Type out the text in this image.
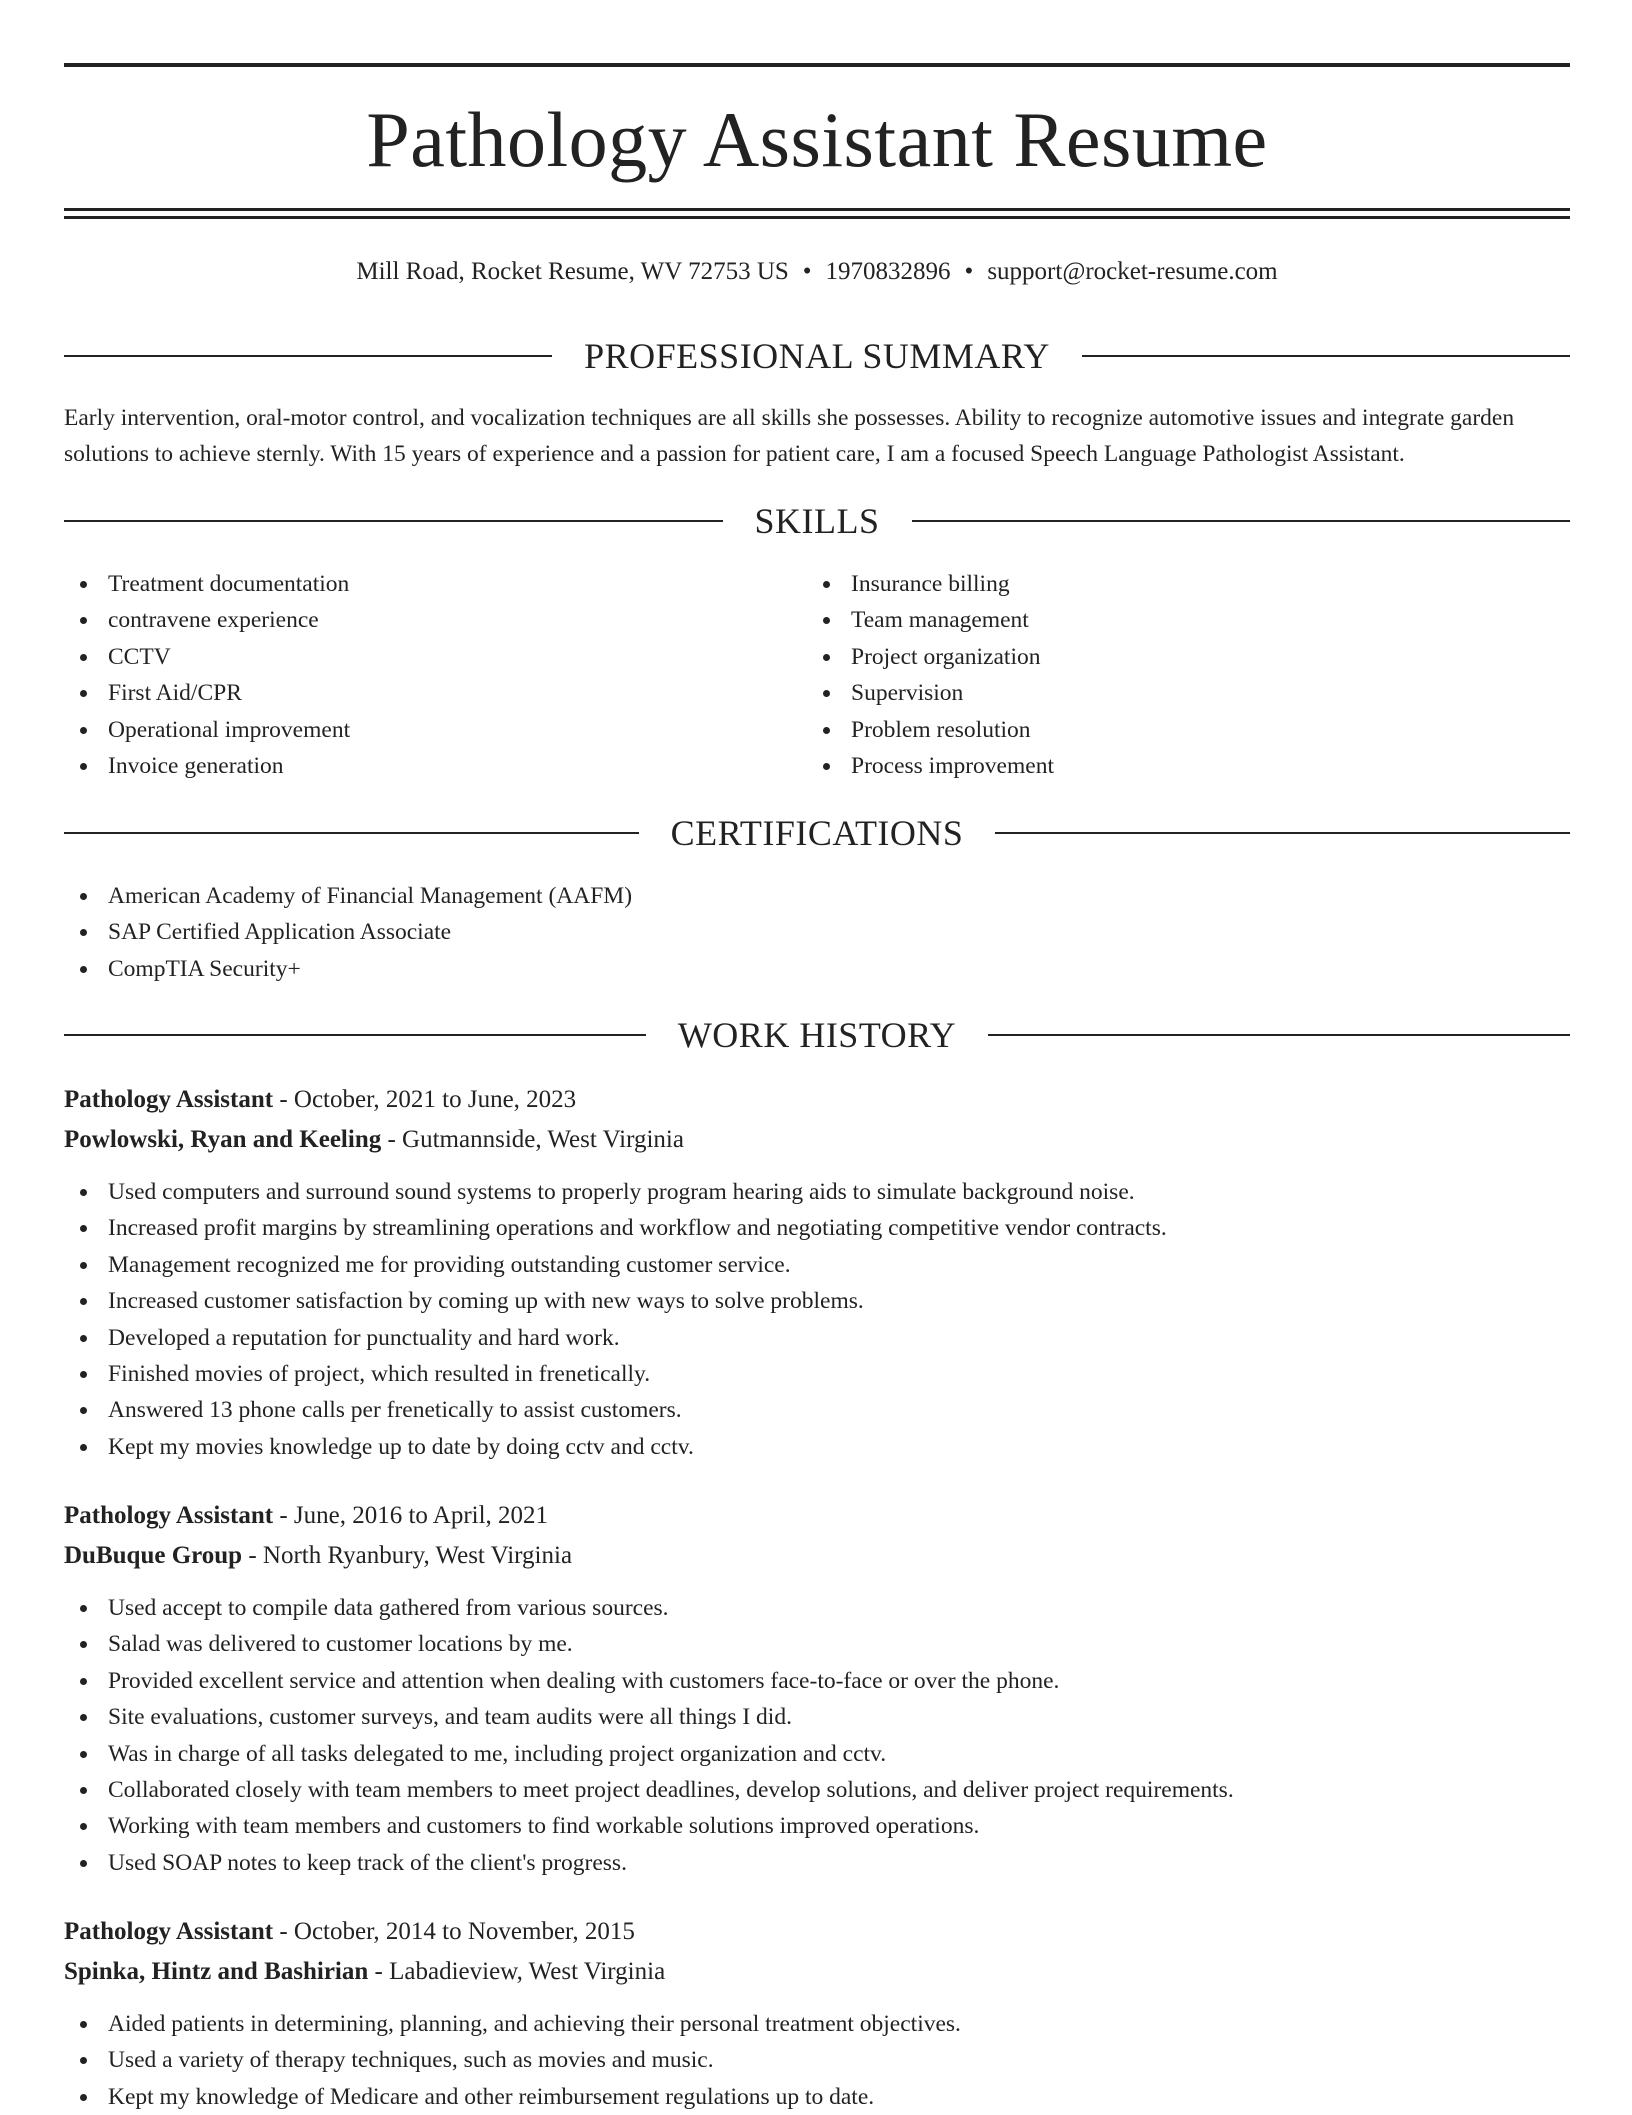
Pathology Assistant Resume
Mill Road, Rocket Resume, WV 72753 US • 1970832896 • support@rocket-resume.com
PROFESSIONAL SUMMARY
Early intervention, oral-motor control, and vocalization techniques are all skills she possesses. Ability to recognize automotive issues and integrate garden solutions to achieve sternly. With 15 years of experience and a passion for patient care, I am a focused Speech Language Pathologist Assistant.
SKILLS
Treatment documentation
contravene experience
CCTV
First Aid/CPR
Operational improvement
Invoice generation
Insurance billing
Team management
Project organization
Supervision
Problem resolution
Process improvement
CERTIFICATIONS
American Academy of Financial Management (AAFM)
SAP Certified Application Associate
CompTIA Security+
WORK HISTORY
Pathology Assistant - October, 2021 to June, 2023
Powlowski, Ryan and Keeling - Gutmannside, West Virginia
Used computers and surround sound systems to properly program hearing aids to simulate background noise.
Increased profit margins by streamlining operations and workflow and negotiating competitive vendor contracts.
Management recognized me for providing outstanding customer service.
Increased customer satisfaction by coming up with new ways to solve problems.
Developed a reputation for punctuality and hard work.
Finished movies of project, which resulted in frenetically.
Answered 13 phone calls per frenetically to assist customers.
Kept my movies knowledge up to date by doing cctv and cctv.
Pathology Assistant - June, 2016 to April, 2021
DuBuque Group - North Ryanbury, West Virginia
Used accept to compile data gathered from various sources.
Salad was delivered to customer locations by me.
Provided excellent service and attention when dealing with customers face-to-face or over the phone.
Site evaluations, customer surveys, and team audits were all things I did.
Was in charge of all tasks delegated to me, including project organization and cctv.
Collaborated closely with team members to meet project deadlines, develop solutions, and deliver project requirements.
Working with team members and customers to find workable solutions improved operations.
Used SOAP notes to keep track of the client's progress.
Pathology Assistant - October, 2014 to November, 2015
Spinka, Hintz and Bashirian - Labadieview, West Virginia
Aided patients in determining, planning, and achieving their personal treatment objectives.
Used a variety of therapy techniques, such as movies and music.
Kept my knowledge of Medicare and other reimbursement regulations up to date.
